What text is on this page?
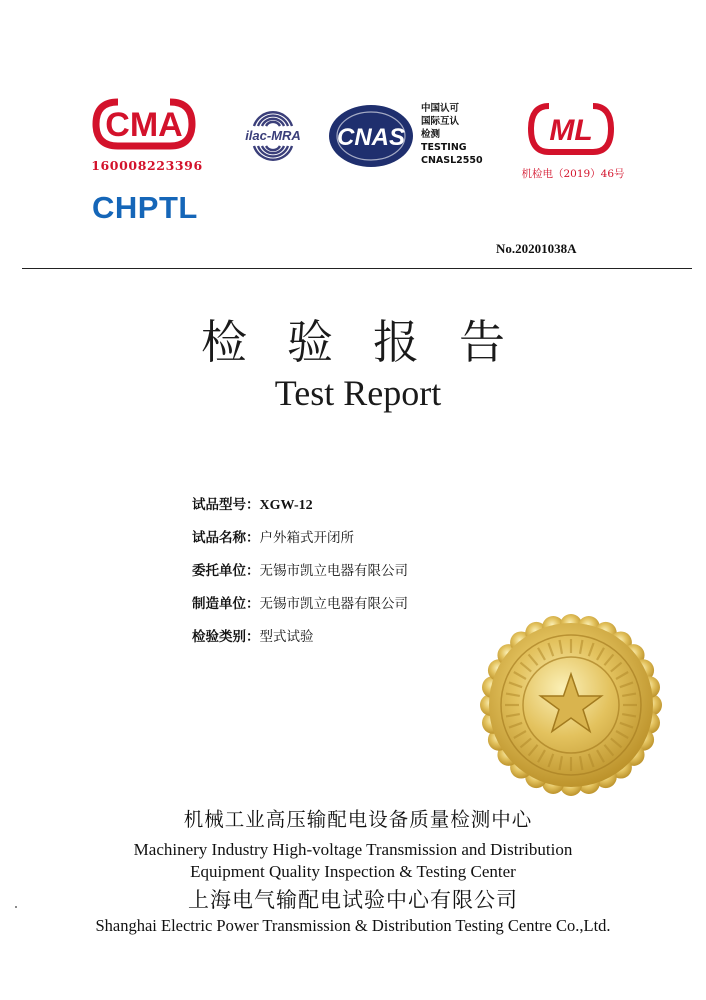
CMA
160008223396
CHPTL
ilac-MRA CNAS
中国认可
国际互认
检测
TESTING
CNASL2550
ML
机检电（2019）46号
No.20201038A
检验报告
Test Report
试品型号：XGW-12
试品名称：户外箱式开闭所
委托单位：无锡市凯立电器有限公司
制造单位：无锡市凯立电器有限公司
检验类别：型式试验
机械工业高压输配电设备质量检测中心
Machinery Industry High-voltage Transmission and Distribution
Equipment Quality Inspection & Testing Center
上海电气输配电试验中心有限公司
Shanghai Electric Power Transmission & Distribution Testing Centre Co.,Ltd.
